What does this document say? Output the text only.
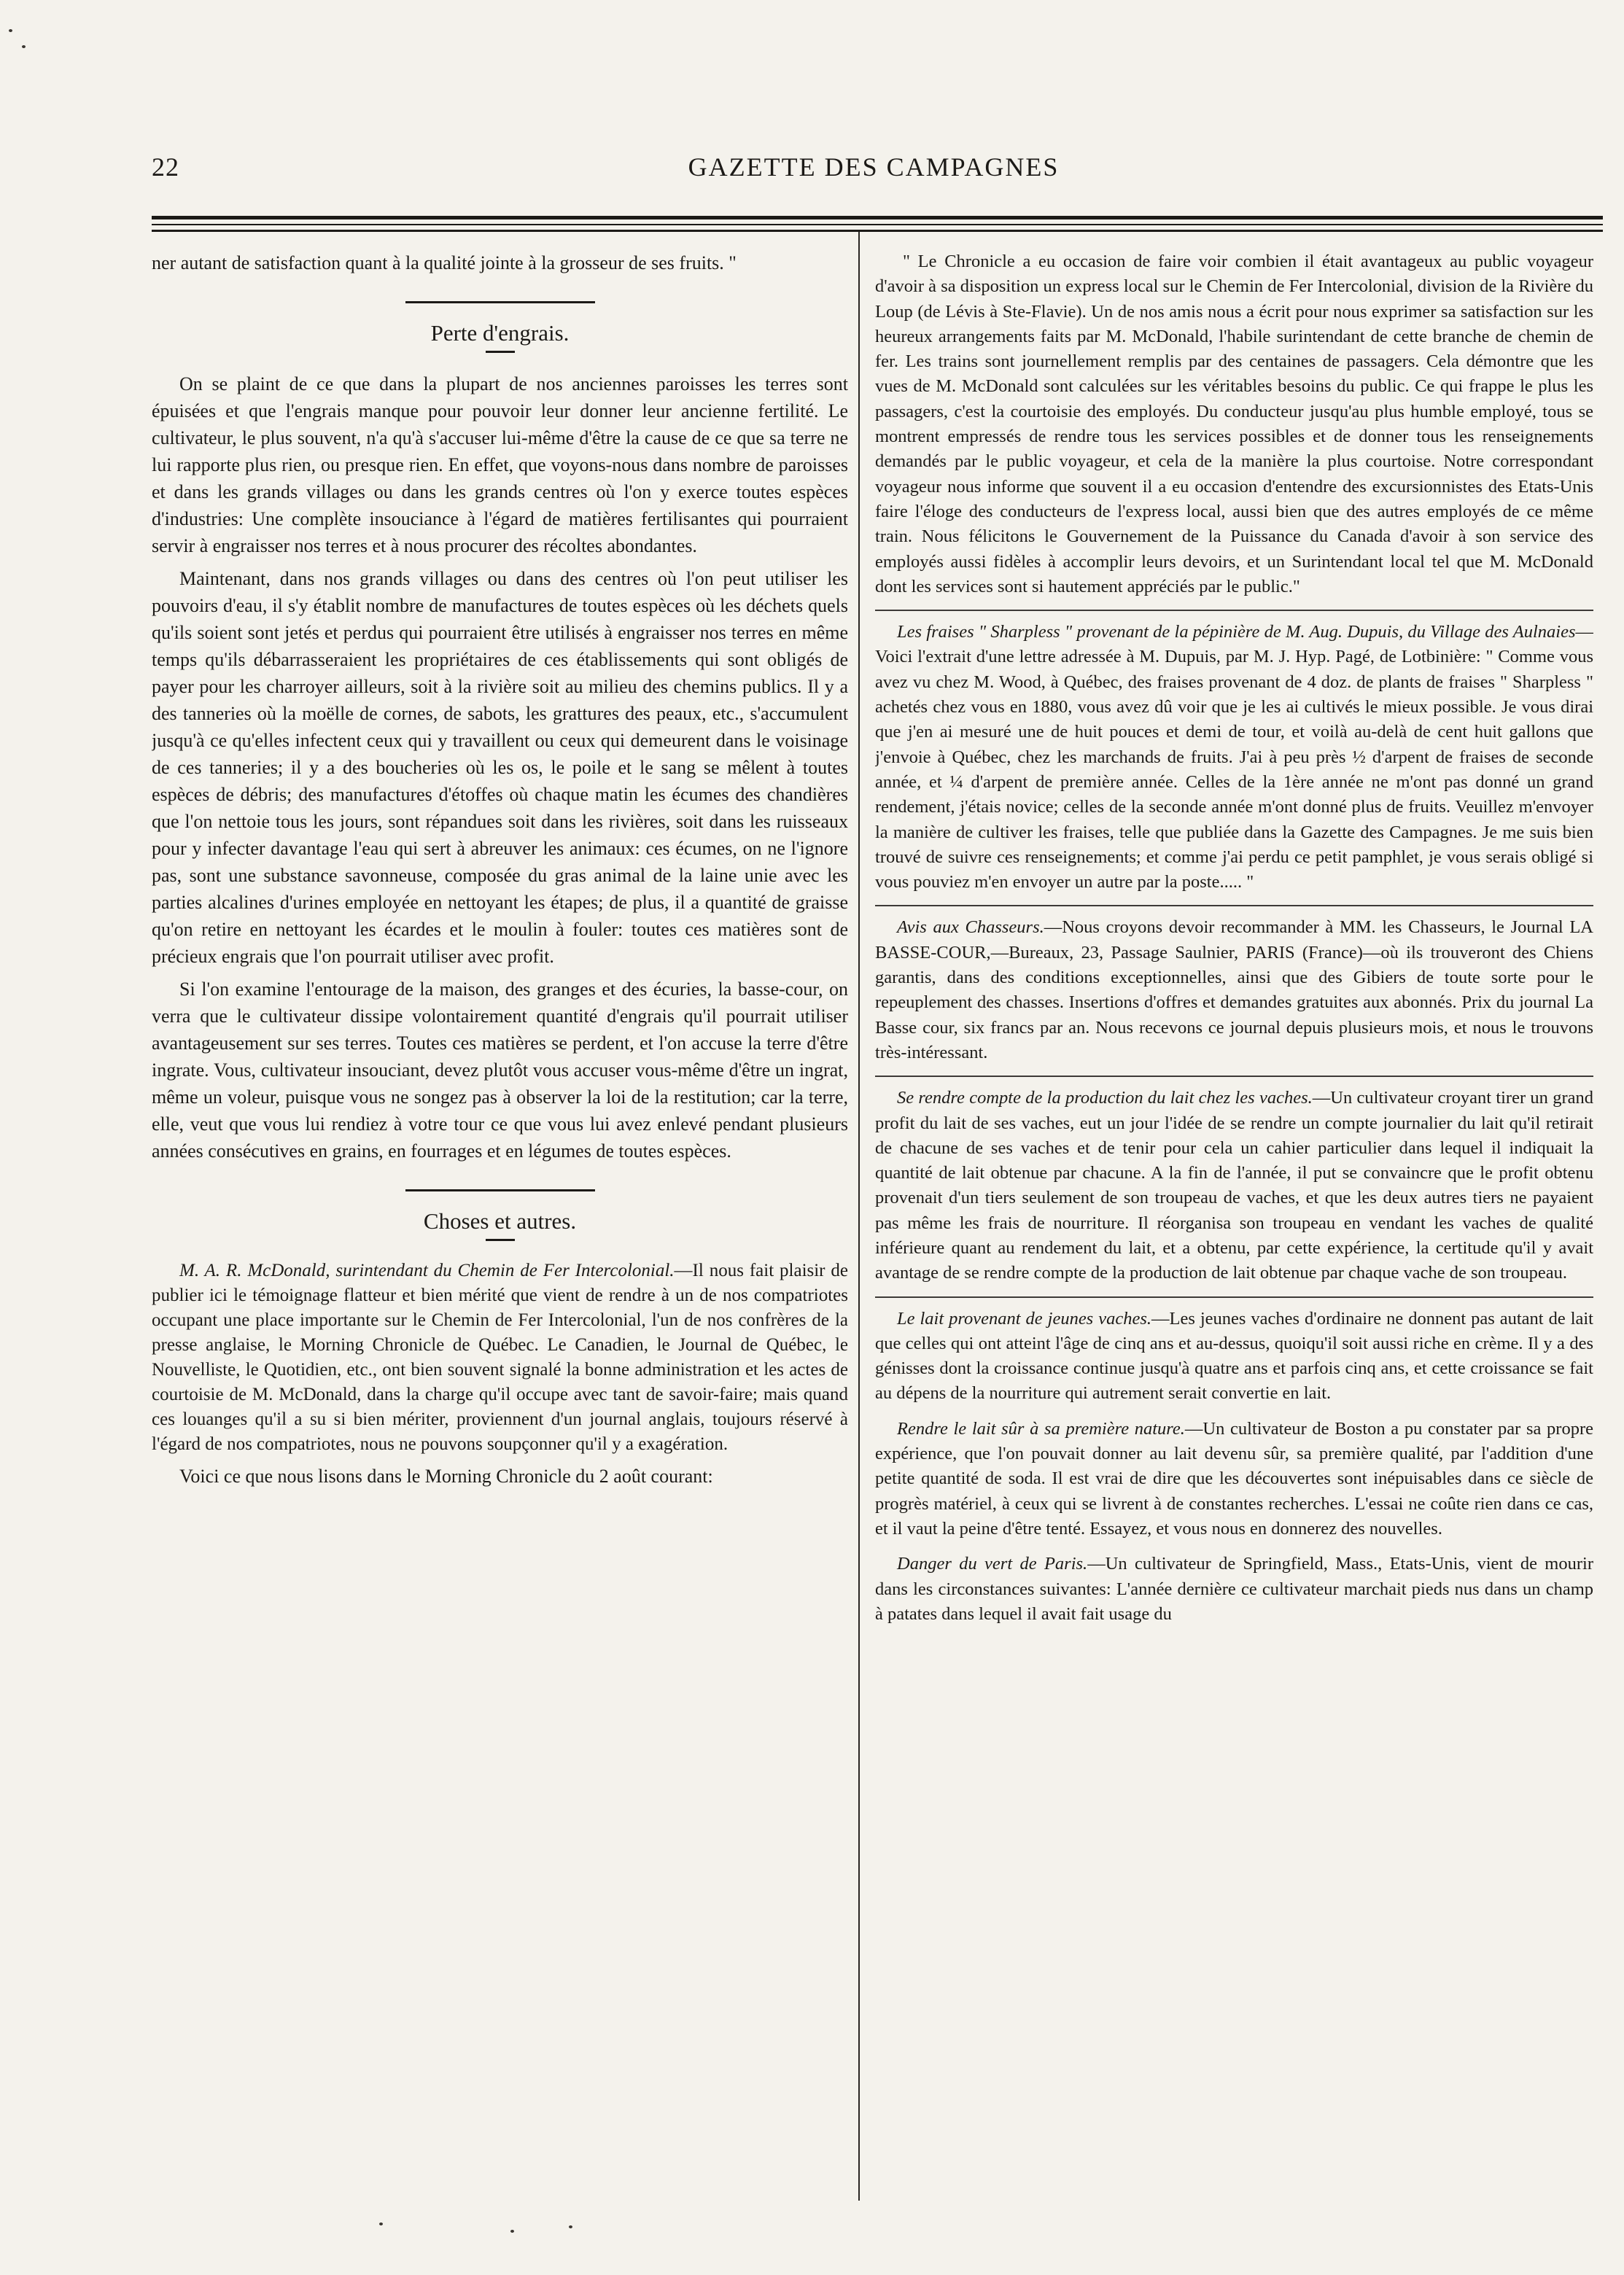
22	GAZETTE DES CAMPAGNES

ner autant de satisfaction quant à la qualité jointe à la grosseur de ses fruits. "

Perte d'engrais.

On se plaint de ce que dans la plupart de nos anciennes paroisses les terres sont épuisées et que l'engrais manque pour pouvoir leur donner leur ancienne fertilité. Le cultivateur, le plus souvent, n'a qu'à s'accuser lui-même d'être la cause de ce que sa terre ne lui rapporte plus rien, ou presque rien. En effet, que voyons-nous dans nombre de paroisses et dans les grands villages ou dans les grands centres où l'on y exerce toutes espèces d'industries: Une complète insouciance à l'égard de matières fertilisantes qui pourraient servir à engraisser nos terres et à nous procurer des récoltes abondantes.

Maintenant, dans nos grands villages ou dans des centres où l'on peut utiliser les pouvoirs d'eau, il s'y établit nombre de manufactures de toutes espèces où les déchets quels qu'ils soient sont jetés et perdus qui pourraient être utilisés à engraisser nos terres en même temps qu'ils débarrasseraient les propriétaires de ces établissements qui sont obligés de payer pour les charroyer ailleurs, soit à la rivière soit au milieu des chemins publics. Il y a des tanneries où la moëlle de cornes, de sabots, les grattures des peaux, etc., s'accumulent jusqu'à ce qu'elles infectent ceux qui y travaillent ou ceux qui demeurent dans le voisinage de ces tanneries; il y a des boucheries où les os, le poile et le sang se mêlent à toutes espèces de débris; des manufactures d'étoffes où chaque matin les écumes des chandières que l'on nettoie tous les jours, sont répandues soit dans les rivières, soit dans les ruisseaux pour y infecter davantage l'eau qui sert à abreuver les animaux: ces écumes, on ne l'ignore pas, sont une substance savonneuse, composée du gras animal de la laine unie avec les parties alcalines d'urines employée en nettoyant les étapes; de plus, il a quantité de graisse qu'on retire en nettoyant les écardes et le moulin à fouler: toutes ces matières sont de précieux engrais que l'on pourrait utiliser avec profit.

Si l'on examine l'entourage de la maison, des granges et des écuries, la basse-cour, on verra que le cultivateur dissipe volontairement quantité d'engrais qu'il pourrait utiliser avantageusement sur ses terres. Toutes ces matières se perdent, et l'on accuse la terre d'être ingrate. Vous, cultivateur insouciant, devez plutôt vous accuser vous-même d'être un ingrat, même un voleur, puisque vous ne songez pas à observer la loi de la restitution; car la terre, elle, veut que vous lui rendiez à votre tour ce que vous lui avez enlevé pendant plusieurs années consécutives en grains, en fourrages et en légumes de toutes espèces.

Choses et autres.

M. A. R. McDonald, surintendant du Chemin de Fer Intercolonial.—Il nous fait plaisir de publier ici le témoignage flatteur et bien mérité que vient de rendre à un de nos compatriotes occupant une place importante sur le Chemin de Fer Intercolonial, l'un de nos confrères de la presse anglaise, le Morning Chronicle de Québec. Le Canadien, le Journal de Québec, le Nouvelliste, le Quotidien, etc., ont bien souvent signalé la bonne administration et les actes de courtoisie de M. McDonald, dans la charge qu'il occupe avec tant de savoir-faire; mais quand ces louanges qu'il a su si bien mériter, proviennent d'un journal anglais, toujours réservé à l'égard de nos compatriotes, nous ne pouvons soupçonner qu'il y a exagération.

Voici ce que nous lisons dans le Morning Chronicle du 2 août courant:

" Le Chronicle a eu occasion de faire voir combien il était avantageux au public voyageur d'avoir à sa disposition un express local sur le Chemin de Fer Intercolonial, division de la Rivière du Loup (de Lévis à Ste-Flavie). Un de nos amis nous a écrit pour nous exprimer sa satisfaction sur les heureux arrangements faits par M. McDonald, l'habile surintendant de cette branche de chemin de fer. Les trains sont journellement remplis par des centaines de passagers. Cela démontre que les vues de M. McDonald sont calculées sur les véritables besoins du public. Ce qui frappe le plus les passagers, c'est la courtoisie des employés. Du conducteur jusqu'au plus humble employé, tous se montrent empressés de rendre tous les services possibles et de donner tous les renseignements demandés par le public voyageur, et cela de la manière la plus courtoise. Notre correspondant voyageur nous informe que souvent il a eu occasion d'entendre des excursionnistes des Etats-Unis faire l'éloge des conducteurs de l'express local, aussi bien que des autres employés de ce même train. Nous félicitons le Gouvernement de la Puissance du Canada d'avoir à son service des employés aussi fidèles à accomplir leurs devoirs, et un Surintendant local tel que M. McDonald dont les services sont si hautement appréciés par le public."

Les fraises " Sharpless " provenant de la pépinière de M. Aug. Dupuis, du Village des Aulnaies—Voici l'extrait d'une lettre adressée à M. Dupuis, par M. J. Hyp. Pagé, de Lotbinière: " Comme vous avez vu chez M. Wood, à Québec, des fraises provenant de 4 doz. de plants de fraises " Sharpless " achetés chez vous en 1880, vous avez dû voir que je les ai cultivés le mieux possible. Je vous dirai que j'en ai mesuré une de huit pouces et demi de tour, et voilà au-delà de cent huit gallons que j'envoie à Québec, chez les marchands de fruits. J'ai à peu près ½ d'arpent de fraises de seconde année, et ¼ d'arpent de première année. Celles de la 1ère année ne m'ont pas donné un grand rendement, j'étais novice; celles de la seconde année m'ont donné plus de fruits. Veuillez m'envoyer la manière de cultiver les fraises, telle que publiée dans la Gazette des Campagnes. Je me suis bien trouvé de suivre ces renseignements; et comme j'ai perdu ce petit pamphlet, je vous serais obligé si vous pouviez m'en envoyer un autre par la poste..... "

Avis aux Chasseurs.—Nous croyons devoir recommander à MM. les Chasseurs, le Journal LA BASSE-COUR,—Bureaux, 23, Passage Saulnier, PARIS (France)—où ils trouveront des Chiens garantis, dans des conditions exceptionnelles, ainsi que des Gibiers de toute sorte pour le repeuplement des chasses. Insertions d'offres et demandes gratuites aux abonnés. Prix du journal La Basse cour, six francs par an. Nous recevons ce journal depuis plusieurs mois, et nous le trouvons très-intéressant.

Se rendre compte de la production du lait chez les vaches.—Un cultivateur croyant tirer un grand profit du lait de ses vaches, eut un jour l'idée de se rendre un compte journalier du lait qu'il retirait de chacune de ses vaches et de tenir pour cela un cahier particulier dans lequel il indiquait la quantité de lait obtenue par chacune. A la fin de l'année, il put se convaincre que le profit obtenu provenait d'un tiers seulement de son troupeau de vaches, et que les deux autres tiers ne payaient pas même les frais de nourriture. Il réorganisa son troupeau en vendant les vaches de qualité inférieure quant au rendement du lait, et a obtenu, par cette expérience, la certitude qu'il y avait avantage de se rendre compte de la production de lait obtenue par chaque vache de son troupeau.

Le lait provenant de jeunes vaches.—Les jeunes vaches d'ordinaire ne donnent pas autant de lait que celles qui ont atteint l'âge de cinq ans et au-dessus, quoiqu'il soit aussi riche en crème. Il y a des génisses dont la croissance continue jusqu'à quatre ans et parfois cinq ans, et cette croissance se fait au dépens de la nourriture qui autrement serait convertie en lait.

Rendre le lait sûr à sa première nature.—Un cultivateur de Boston a pu constater par sa propre expérience, que l'on pouvait donner au lait devenu sûr, sa première qualité, par l'addition d'une petite quantité de soda. Il est vrai de dire que les découvertes sont inépuisables dans ce siècle de progrès matériel, à ceux qui se livrent à de constantes recherches. L'essai ne coûte rien dans ce cas, et il vaut la peine d'être tenté. Essayez, et vous nous en donnerez des nouvelles.

Danger du vert de Paris.—Un cultivateur de Springfield, Mass., Etats-Unis, vient de mourir dans les circonstances suivantes: L'année dernière ce cultivateur marchait pieds nus dans un champ à patates dans lequel il avait fait usage du
